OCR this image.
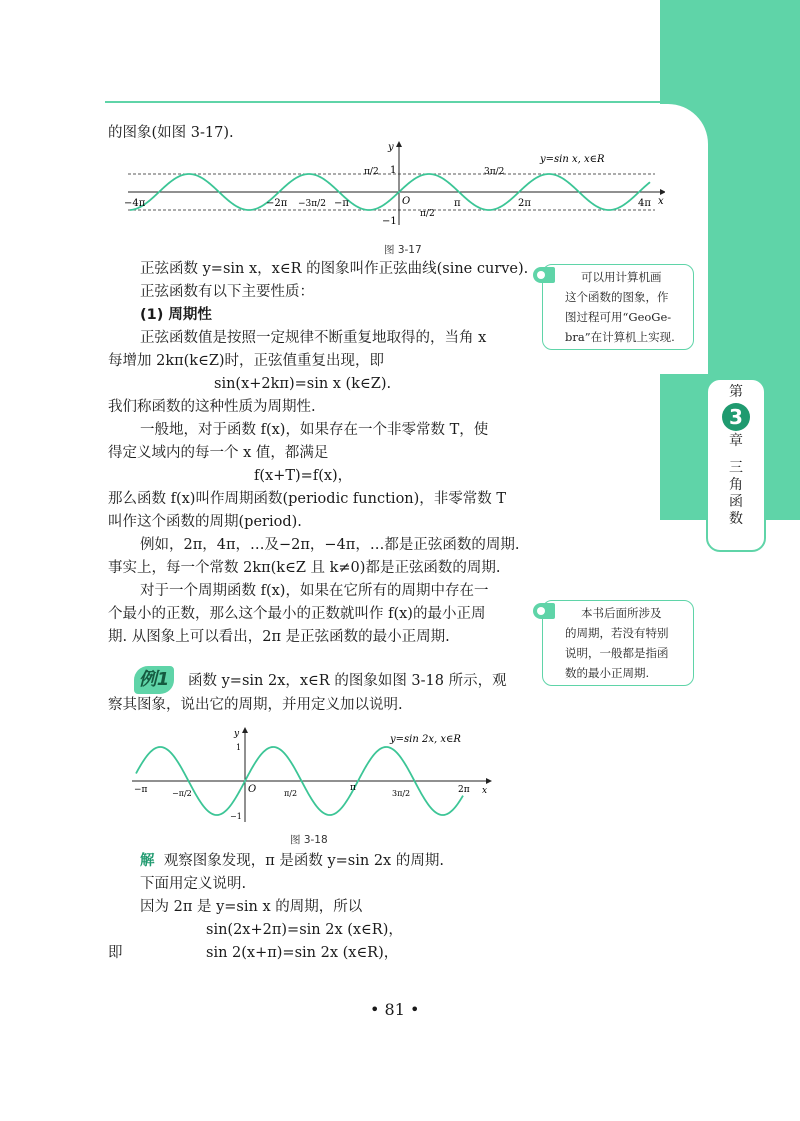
第
3
章
三
角
函
数
的图象(如图 3-17).
y=sin x, x∈R
y
x
1
−1
−4π	−2π −3π/2 −π	O
π/2
π	2π	4π
π/2	3π/2
图 3-17
正弦函数 y=sin x，x∈R 的图象叫作正弦曲线(sine curve).
正弦函数有以下主要性质：
(1) 周期性
正弦函数值是按照一定规律不断重复地取得的，当角 x
每增加 2kπ(k∈Z)时，正弦值重复出现，即
sin(x+2kπ)=sin x (k∈Z).
我们称函数的这种性质为周期性.
一般地，对于函数 f(x)，如果存在一个非零常数 T，使
得定义域内的每一个 x 值，都满足
f(x+T)=f(x)，
那么函数 f(x)叫作周期函数(periodic function)，非零常数 T
叫作这个函数的周期(period).
例如，2π，4π，…及−2π，−4π，…都是正弦函数的周期.
事实上，每一个常数 2kπ(k∈Z 且 k≠0)都是正弦函数的周期.
对于一个周期函数 f(x)，如果在它所有的周期中存在一
个最小的正数，那么这个最小的正数就叫作 f(x)的最小正周
期. 从图象上可以看出，2π 是正弦函数的最小正周期.
可以用计算机画
这个函数的图象，作
图过程可用“GeoGe-
bra”在计算机上实现.
本书后面所涉及
的周期，若没有特别
说明，一般都是指函
数的最小正周期.
例1	函数 y=sin 2x，x∈R 的图象如图 3-18 所示，观
察其图象，说出它的周期，并用定义加以说明.
y=sin 2x, x∈R
y
x
1
−1
−π	−π/2	O	π/2
π
3π/2	2π
图 3-18
解 观察图象发现，π 是函数 y=sin 2x 的周期.
下面用定义说明.
因为 2π 是 y=sin x 的周期，所以
sin(2x+2π)=sin 2x (x∈R)，
即	sin 2(x+π)=sin 2x (x∈R)，
• 81 •
